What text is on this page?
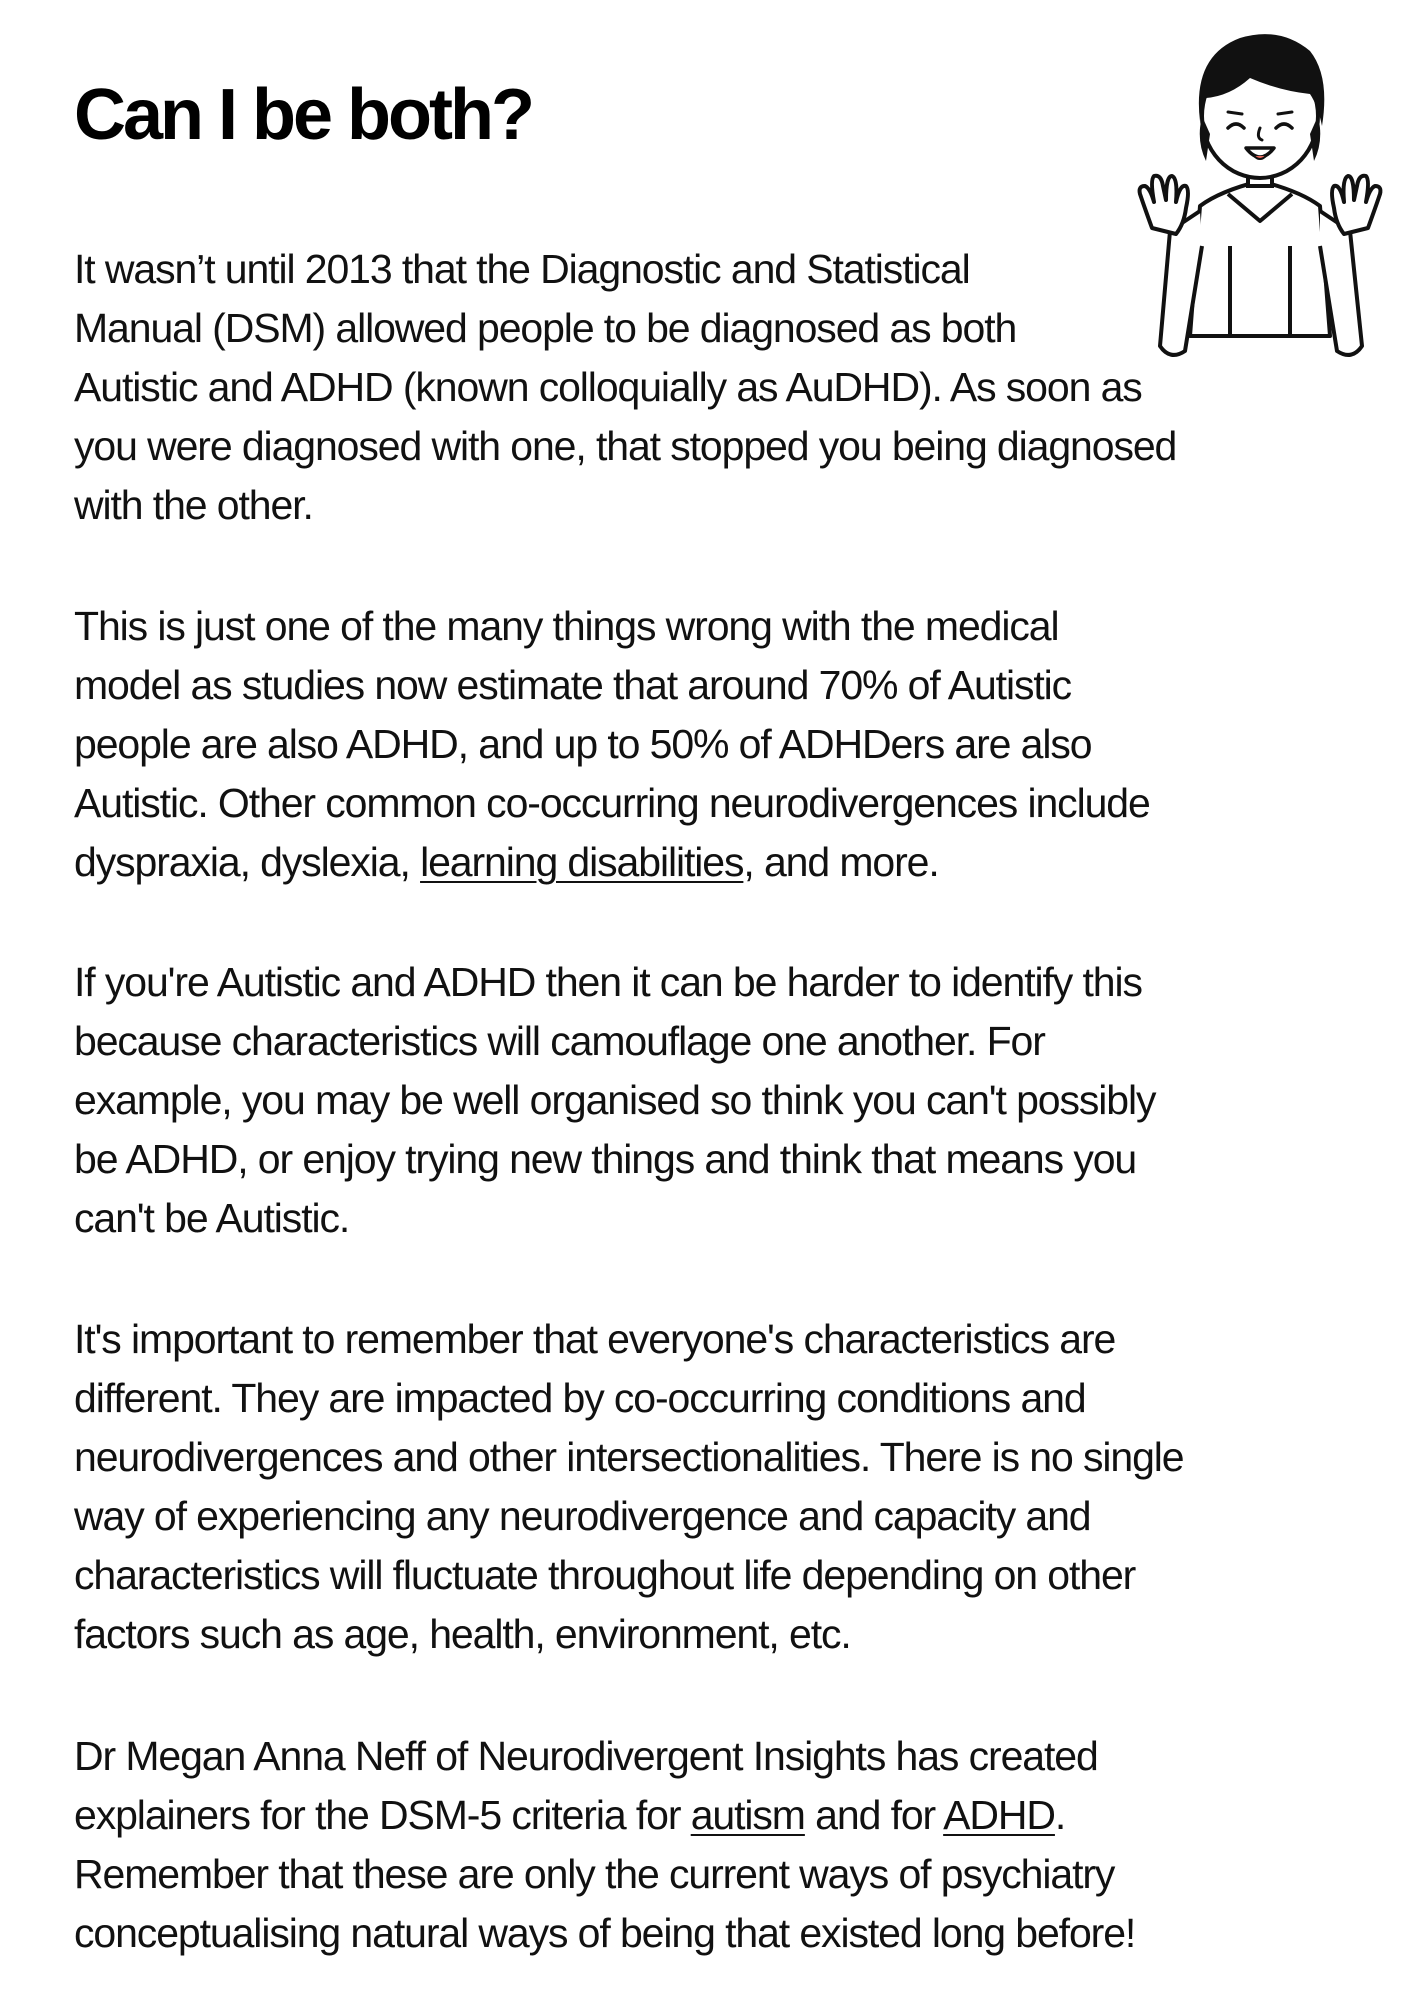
Can I be both?

It wasn’t until 2013 that the Diagnostic and Statistical
Manual (DSM) allowed people to be diagnosed as both
Autistic and ADHD (known colloquially as AuDHD). As soon as
you were diagnosed with one, that stopped you being diagnosed
with the other.

This is just one of the many things wrong with the medical
model as studies now estimate that around 70% of Autistic
people are also ADHD, and up to 50% of ADHDers are also
Autistic. Other common co-occurring neurodivergences include
dyspraxia, dyslexia, learning disabilities, and more.

If you're Autistic and ADHD then it can be harder to identify this
because characteristics will camouflage one another. For
example, you may be well organised so think you can't possibly
be ADHD, or enjoy trying new things and think that means you
can't be Autistic.

It's important to remember that everyone's characteristics are
different. They are impacted by co-occurring conditions and
neurodivergences and other intersectionalities. There is no single
way of experiencing any neurodivergence and capacity and
characteristics will fluctuate throughout life depending on other
factors such as age, health, environment, etc.

Dr Megan Anna Neff of Neurodivergent Insights has created
explainers for the DSM-5 criteria for autism and for ADHD.
Remember that these are only the current ways of psychiatry
conceptualising natural ways of being that existed long before!
